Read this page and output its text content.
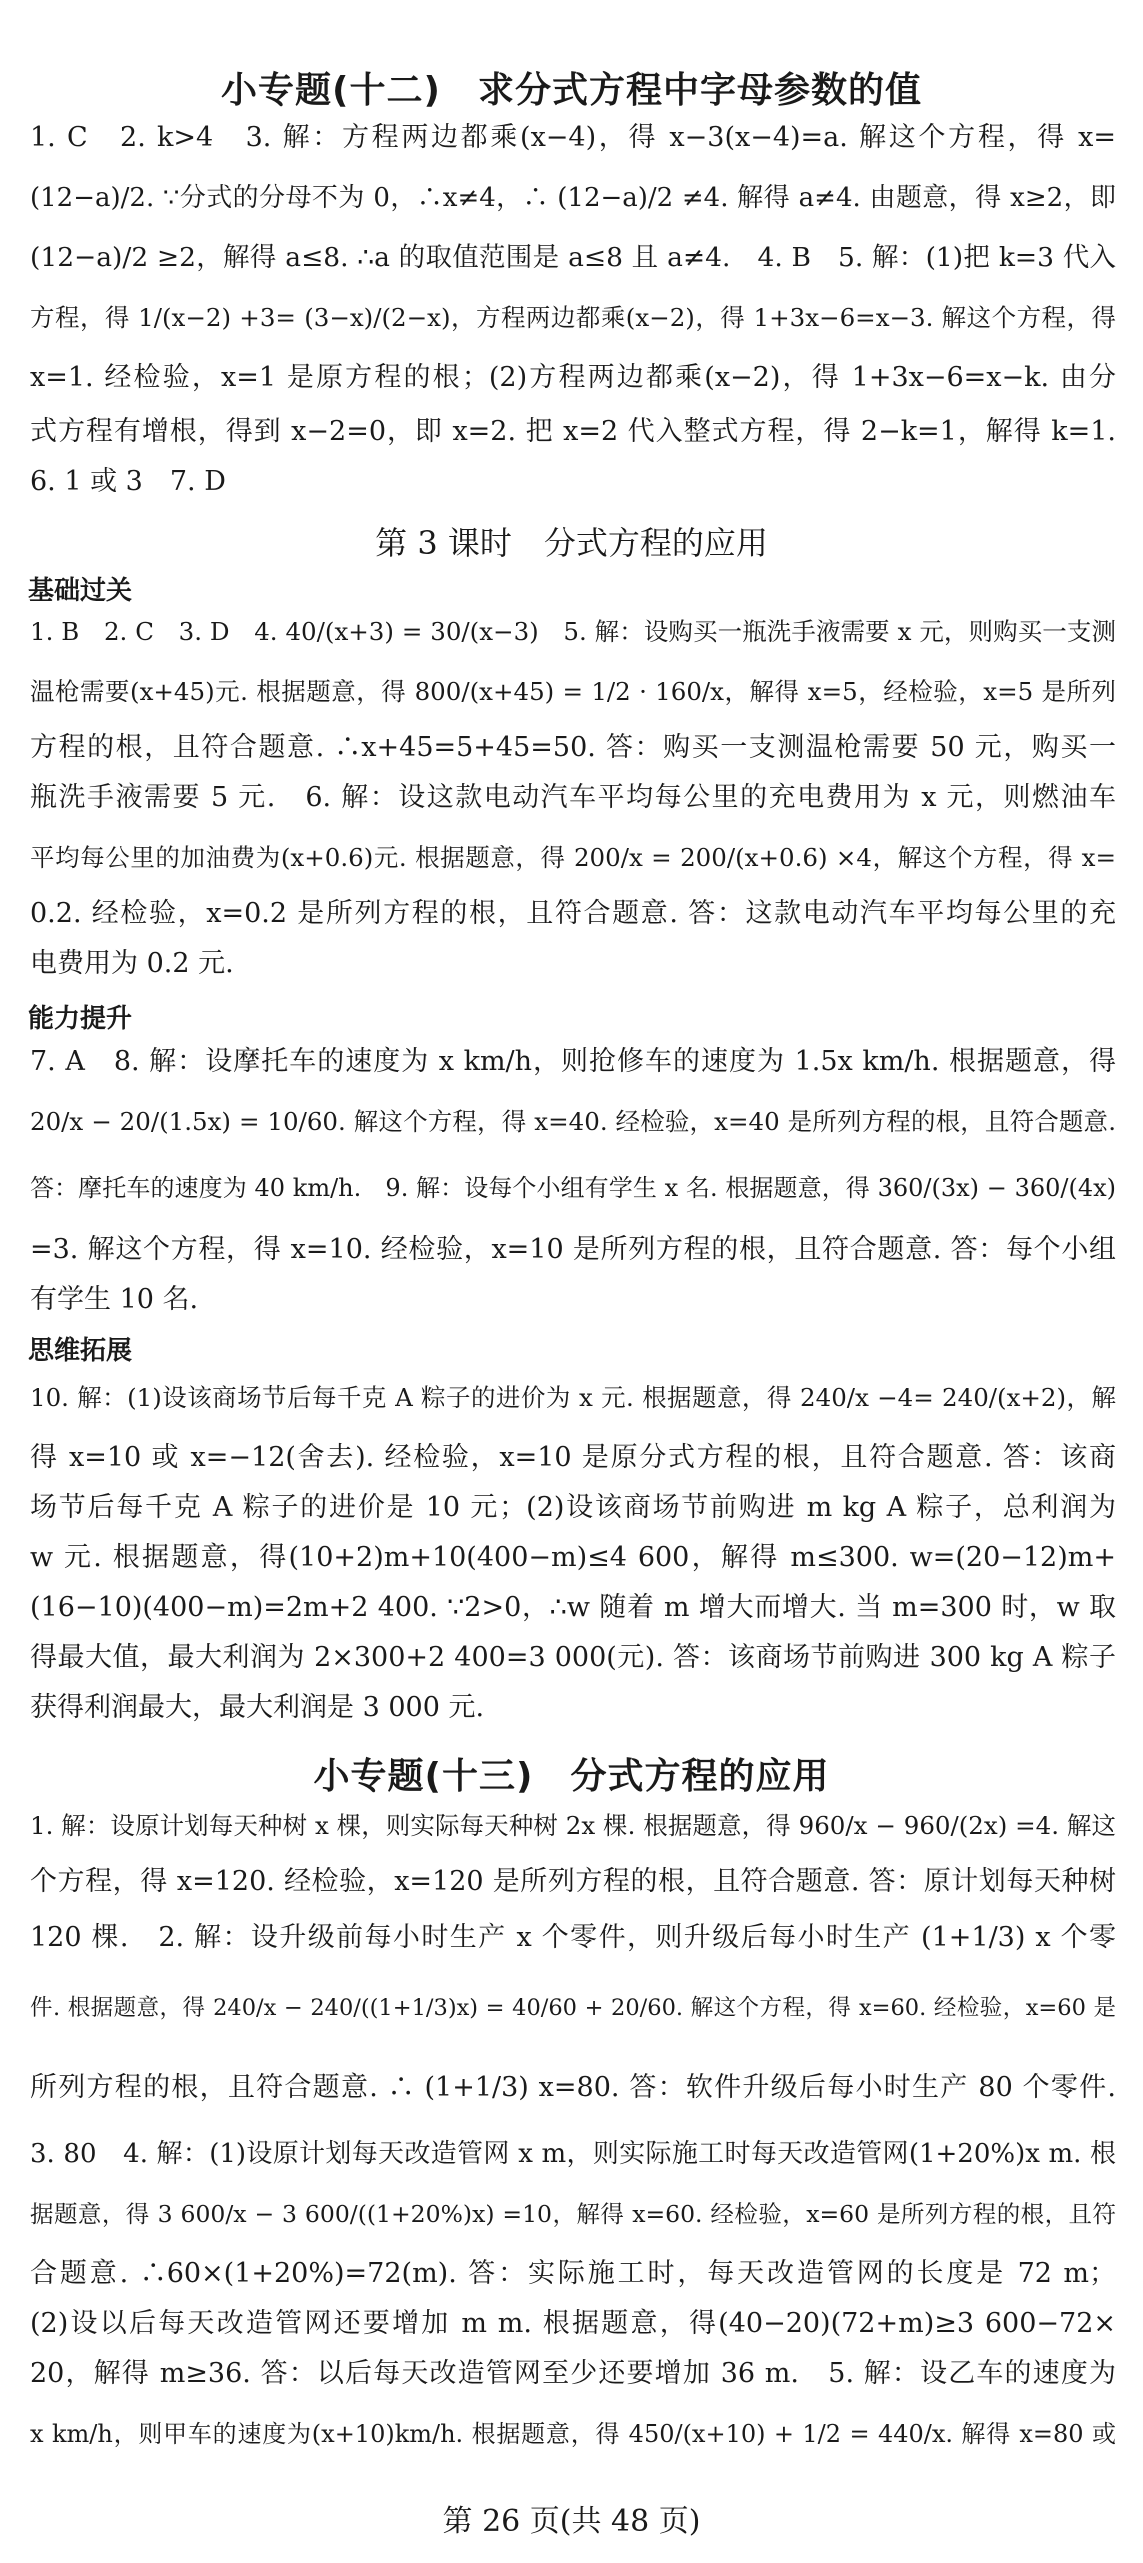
小专题(十二)　求分式方程中字母参数的值
1. C　2. k>4　3. 解：方程两边都乘(x−4)，得 x−3(x−4)=a. 解这个方程，得 x=
(12−a)/2. ∵分式的分母不为 0，∴x≠4，∴ (12−a)/2 ≠4. 解得 a≠4. 由题意，得 x≥2，即
(12−a)/2 ≥2，解得 a≤8. ∴a 的取值范围是 a≤8 且 a≠4.　4. B　5. 解：(1)把 k=3 代入
方程，得 1/(x−2) +3= (3−x)/(2−x)，方程两边都乘(x−2)，得 1+3x−6=x−3. 解这个方程，得
x=1. 经检验，x=1 是原方程的根；(2)方程两边都乘(x−2)，得 1+3x−6=x−k. 由分
式方程有增根，得到 x−2=0，即 x=2. 把 x=2 代入整式方程，得 2−k=1，解得 k=1.
6. 1 或 3　7. D
第 3 课时　分式方程的应用
基础过关
1. B　2. C　3. D　4. 40/(x+3) = 30/(x−3)　5. 解：设购买一瓶洗手液需要 x 元，则购买一支测
温枪需要(x+45)元. 根据题意，得 800/(x+45) = 1/2 · 160/x，解得 x=5，经检验，x=5 是所列
方程的根，且符合题意. ∴x+45=5+45=50. 答：购买一支测温枪需要 50 元，购买一
瓶洗手液需要 5 元.　6. 解：设这款电动汽车平均每公里的充电费用为 x 元，则燃油车
平均每公里的加油费为(x+0.6)元. 根据题意，得 200/x = 200/(x+0.6) ×4，解这个方程，得 x=
0.2. 经检验，x=0.2 是所列方程的根，且符合题意. 答：这款电动汽车平均每公里的充
电费用为 0.2 元.
能力提升
7. A　8. 解：设摩托车的速度为 x km/h，则抢修车的速度为 1.5x km/h. 根据题意，得
20/x − 20/(1.5x) = 10/60. 解这个方程，得 x=40. 经检验，x=40 是所列方程的根，且符合题意.
答：摩托车的速度为 40 km/h.　9. 解：设每个小组有学生 x 名. 根据题意，得 360/(3x) − 360/(4x)
=3. 解这个方程，得 x=10. 经检验，x=10 是所列方程的根，且符合题意. 答：每个小组
有学生 10 名.
思维拓展
10. 解：(1)设该商场节后每千克 A 粽子的进价为 x 元. 根据题意，得 240/x −4= 240/(x+2)，解
得 x=10 或 x=−12(舍去). 经检验，x=10 是原分式方程的根，且符合题意. 答：该商
场节后每千克 A 粽子的进价是 10 元；(2)设该商场节前购进 m kg A 粽子，总利润为
w 元. 根据题意，得(10+2)m+10(400−m)≤4 600，解得 m≤300. w=(20−12)m+
(16−10)(400−m)=2m+2 400. ∵2>0，∴w 随着 m 增大而增大. 当 m=300 时，w 取
得最大值，最大利润为 2×300+2 400=3 000(元). 答：该商场节前购进 300 kg A 粽子
获得利润最大，最大利润是 3 000 元.
小专题(十三)　分式方程的应用
1. 解：设原计划每天种树 x 棵，则实际每天种树 2x 棵. 根据题意，得 960/x − 960/(2x) =4. 解这
个方程，得 x=120. 经检验，x=120 是所列方程的根，且符合题意. 答：原计划每天种树
120 棵.　2. 解：设升级前每小时生产 x 个零件，则升级后每小时生产 (1+1/3) x 个零
件. 根据题意，得 240/x − 240/((1+1/3)x) = 40/60 + 20/60. 解这个方程，得 x=60. 经检验，x=60 是
所列方程的根，且符合题意. ∴ (1+1/3) x=80. 答：软件升级后每小时生产 80 个零件.
3. 80　4. 解：(1)设原计划每天改造管网 x m，则实际施工时每天改造管网(1+20%)x m. 根
据题意，得 3 600/x − 3 600/((1+20%)x) =10，解得 x=60. 经检验，x=60 是所列方程的根，且符
合题意. ∴60×(1+20%)=72(m). 答：实际施工时，每天改造管网的长度是 72 m；
(2)设以后每天改造管网还要增加 m m. 根据题意，得(40−20)(72+m)≥3 600−72×
20，解得 m≥36. 答：以后每天改造管网至少还要增加 36 m.　5. 解：设乙车的速度为
x km/h，则甲车的速度为(x+10)km/h. 根据题意，得 450/(x+10) + 1/2 = 440/x. 解得 x=80 或
第 26 页(共 48 页)
